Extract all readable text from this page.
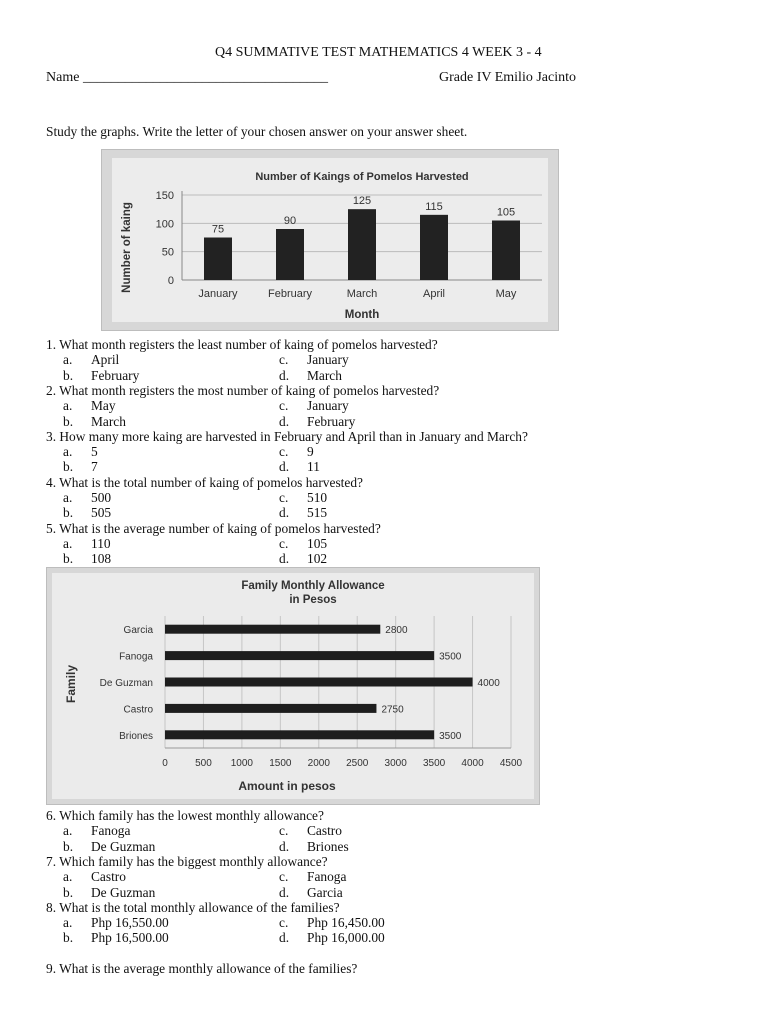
Q4 SUMMATIVE TEST MATHEMATICS 4 WEEK 3 - 4
Name ___________________________________	Grade IV Emilio Jacinto
Study the graphs. Write the letter of your chosen answer on your answer sheet.
Number of Kaings of Pomelos Harvested
0
50
100
150
75
January
90
February
125
March
115
April
105
May
Month
Number of kaing
1. What month registers the least number of kaing of pomelos harvested?
a. April	c. January
b. February	d. March
2. What month registers the most number of kaing of pomelos harvested?
a. May	c. January
b. March	d. February
3. How many more kaing are harvested in February and April than in January and March?
a. 5	c. 9
b. 7	d. 11
4. What is the total number of kaing of pomelos harvested?
a. 500	c. 510
b. 505	d. 515
5. What is the average number of kaing of pomelos harvested?
a. 110	c. 105
b. 108	d. 102
Family Monthly Allowance
in Pesos
0	500 1000 1500 2000 2500 3000 3500 4000 4500
2800
Garcia
3500
Fanoga
4000
De Guzman
2750
Castro
3500
Briones
Amount in pesos
Family
6. Which family has the lowest monthly allowance?
a. Fanoga	c. Castro
b. De Guzman	d. Briones
7. Which family has the biggest monthly allowance?
a. Castro	c. Fanoga
b. De Guzman	d. Garcia
8. What is the total monthly allowance of the families?
a. Php 16,550.00	c. Php 16,450.00
b. Php 16,500.00	d. Php 16,000.00
9. What is the average monthly allowance of the families?
